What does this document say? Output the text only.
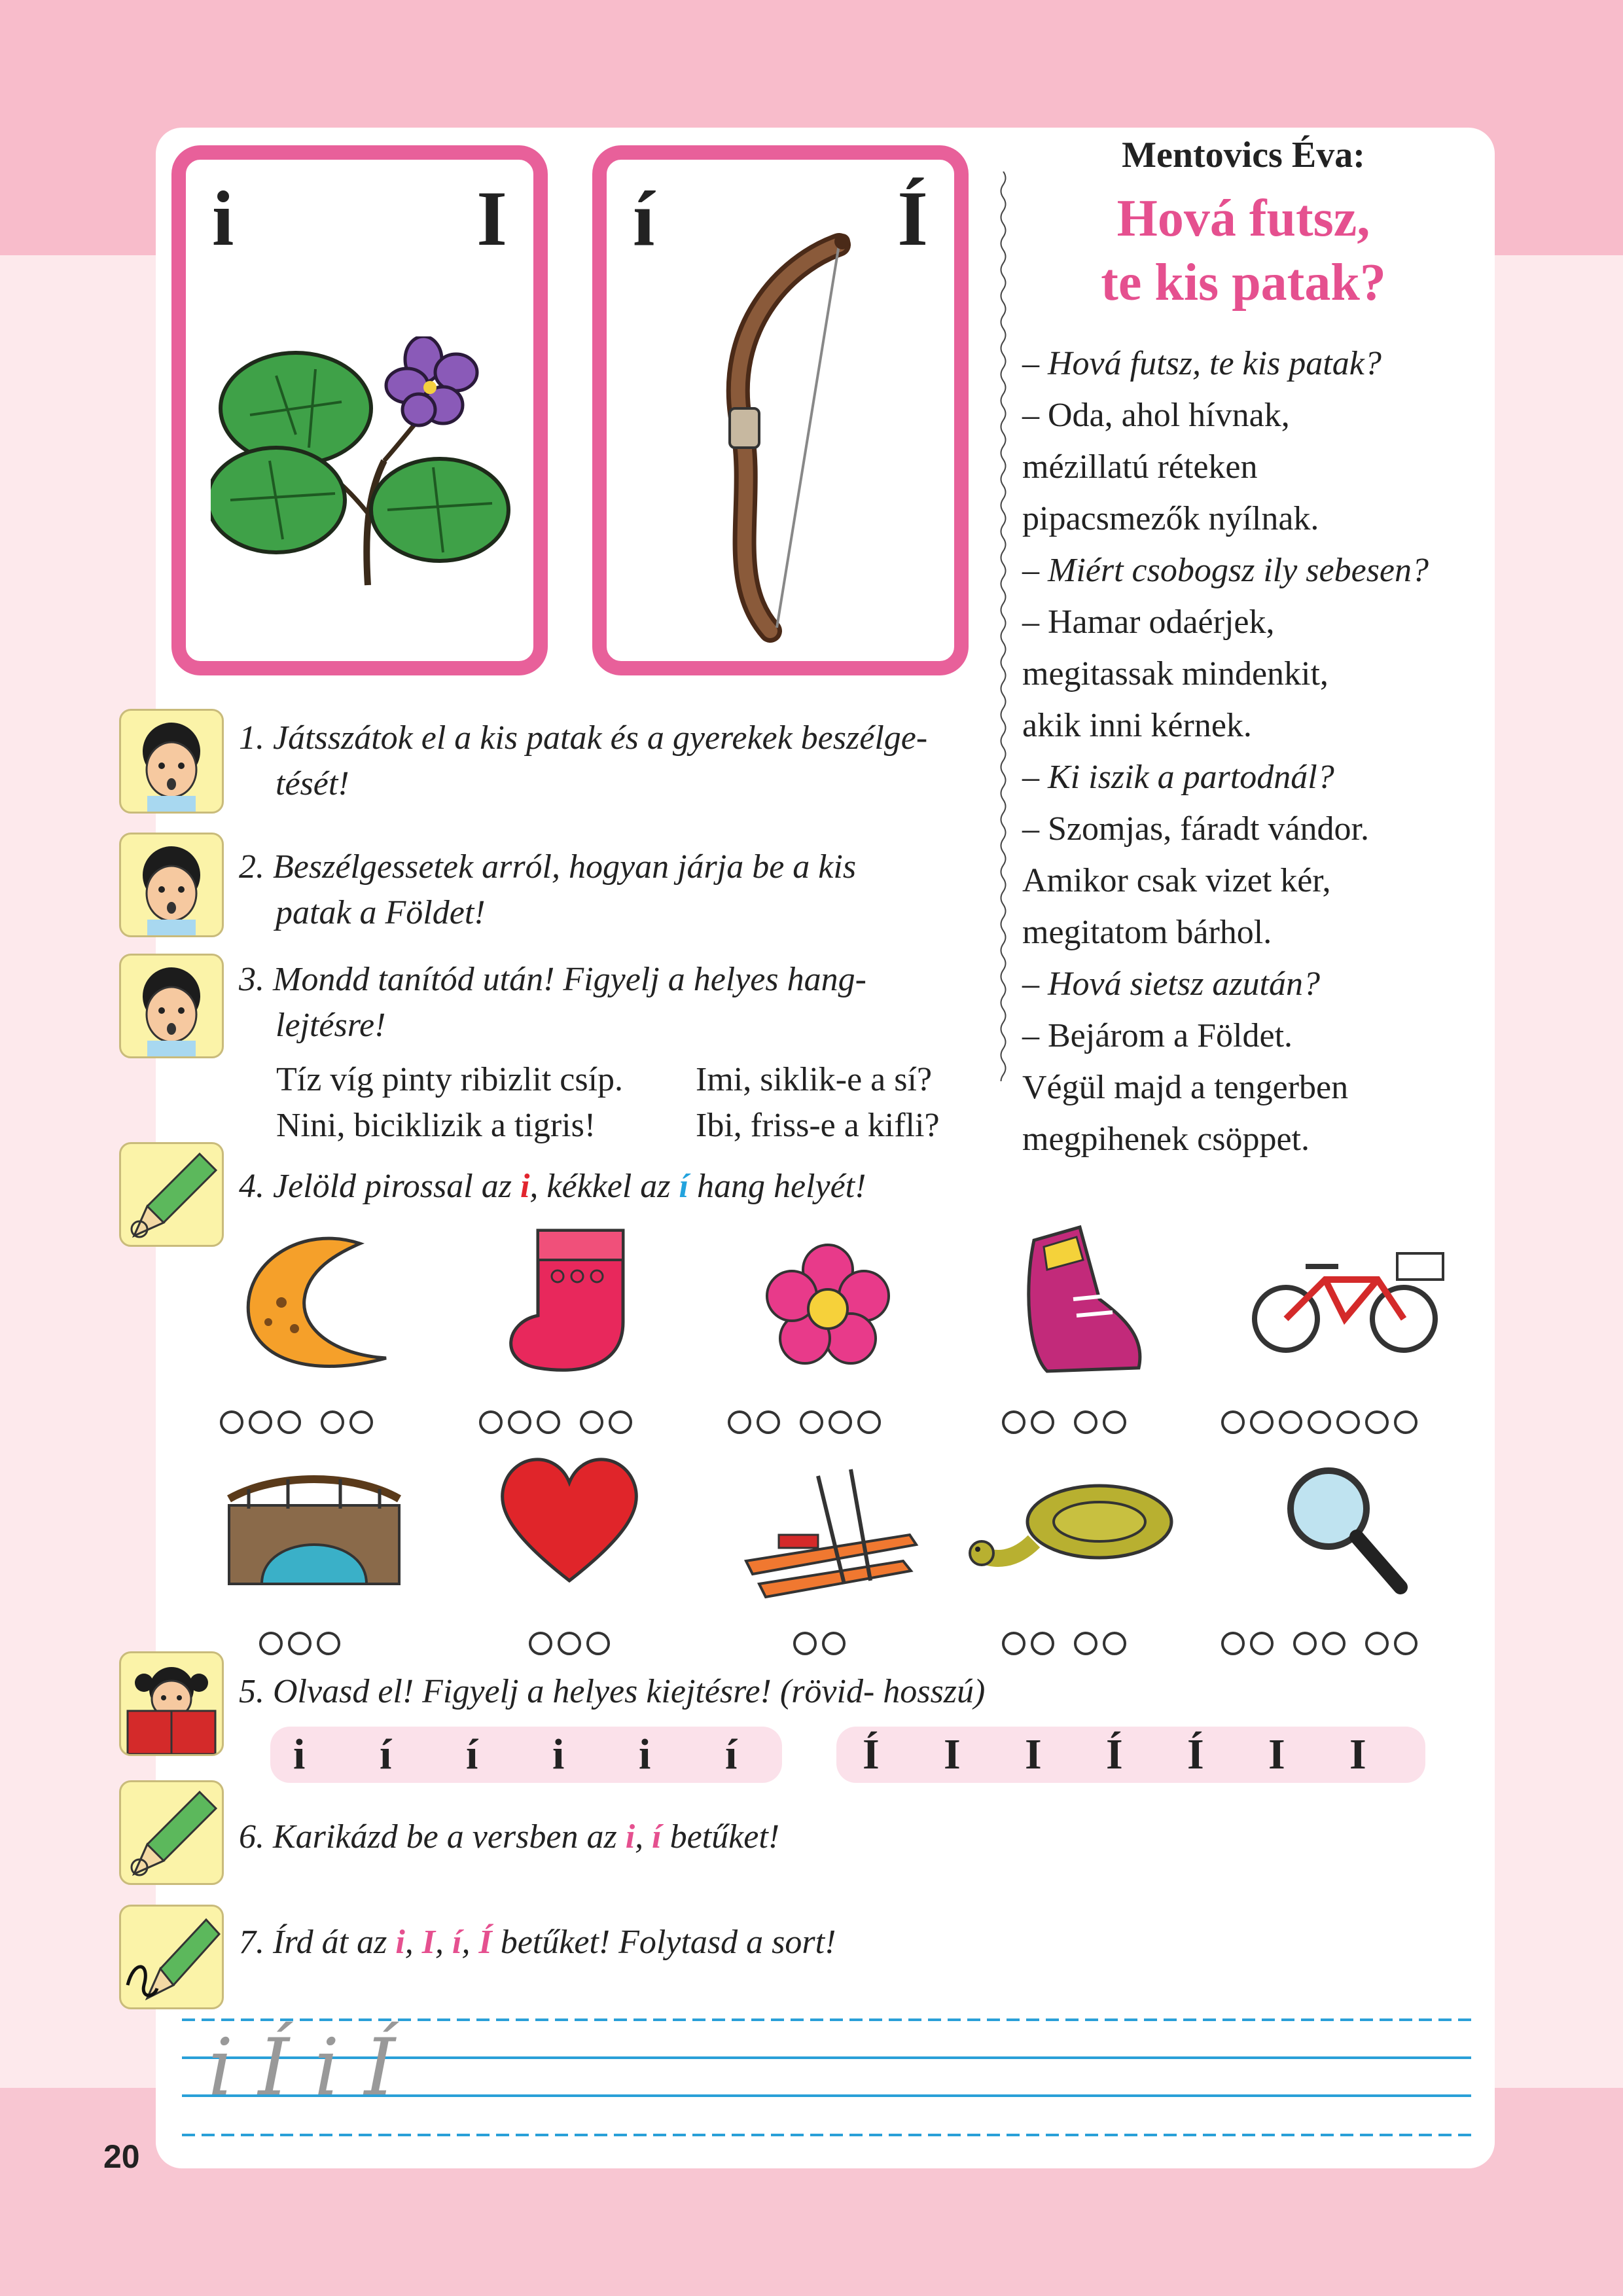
i	I í	Í
Mentovics Éva:
Hová futsz,
te kis patak?
– Hová futsz, te kis patak?
– Oda, ahol hívnak,
mézillatú réteken
pipacsmezők nyílnak.
– Miért csobogsz ily sebesen?
– Hamar odaérjek,
megitassak mindenkit,
akik inni kérnek.
– Ki iszik a partodnál?
– Szomjas, fáradt vándor.
Amikor csak vizet kér,
megitatom bárhol.
– Hová sietsz azután?
– Bejárom a Földet.
Végül majd a tengerben
megpihenek csöppet.
1. Játsszátok el a kis patak és a gyerekek beszélge-
tését!
2. Beszélgessetek arról, hogyan járja be a kis
patak a Földet!
3. Mondd tanítód után! Figyelj a helyes hang-
lejtésre!
Tíz víg pinty ribizlit csíp. Imi, siklik-e a sí?
Nini, biciklizik a tigris!	Ibi, friss-e a kifli?
4. Jelöld pirossal az i, kékkel az í hang helyét!
5. Olvasd el! Figyelj a helyes kiejtésre! (rövid- hosszú)
i í í i i í	Í I I Í Í I I
6. Karikázd be a versben az i, í betűket!
7. Írd át az i, I, í, Í betűket! Folytasd a sort!
i Í i Í
20
